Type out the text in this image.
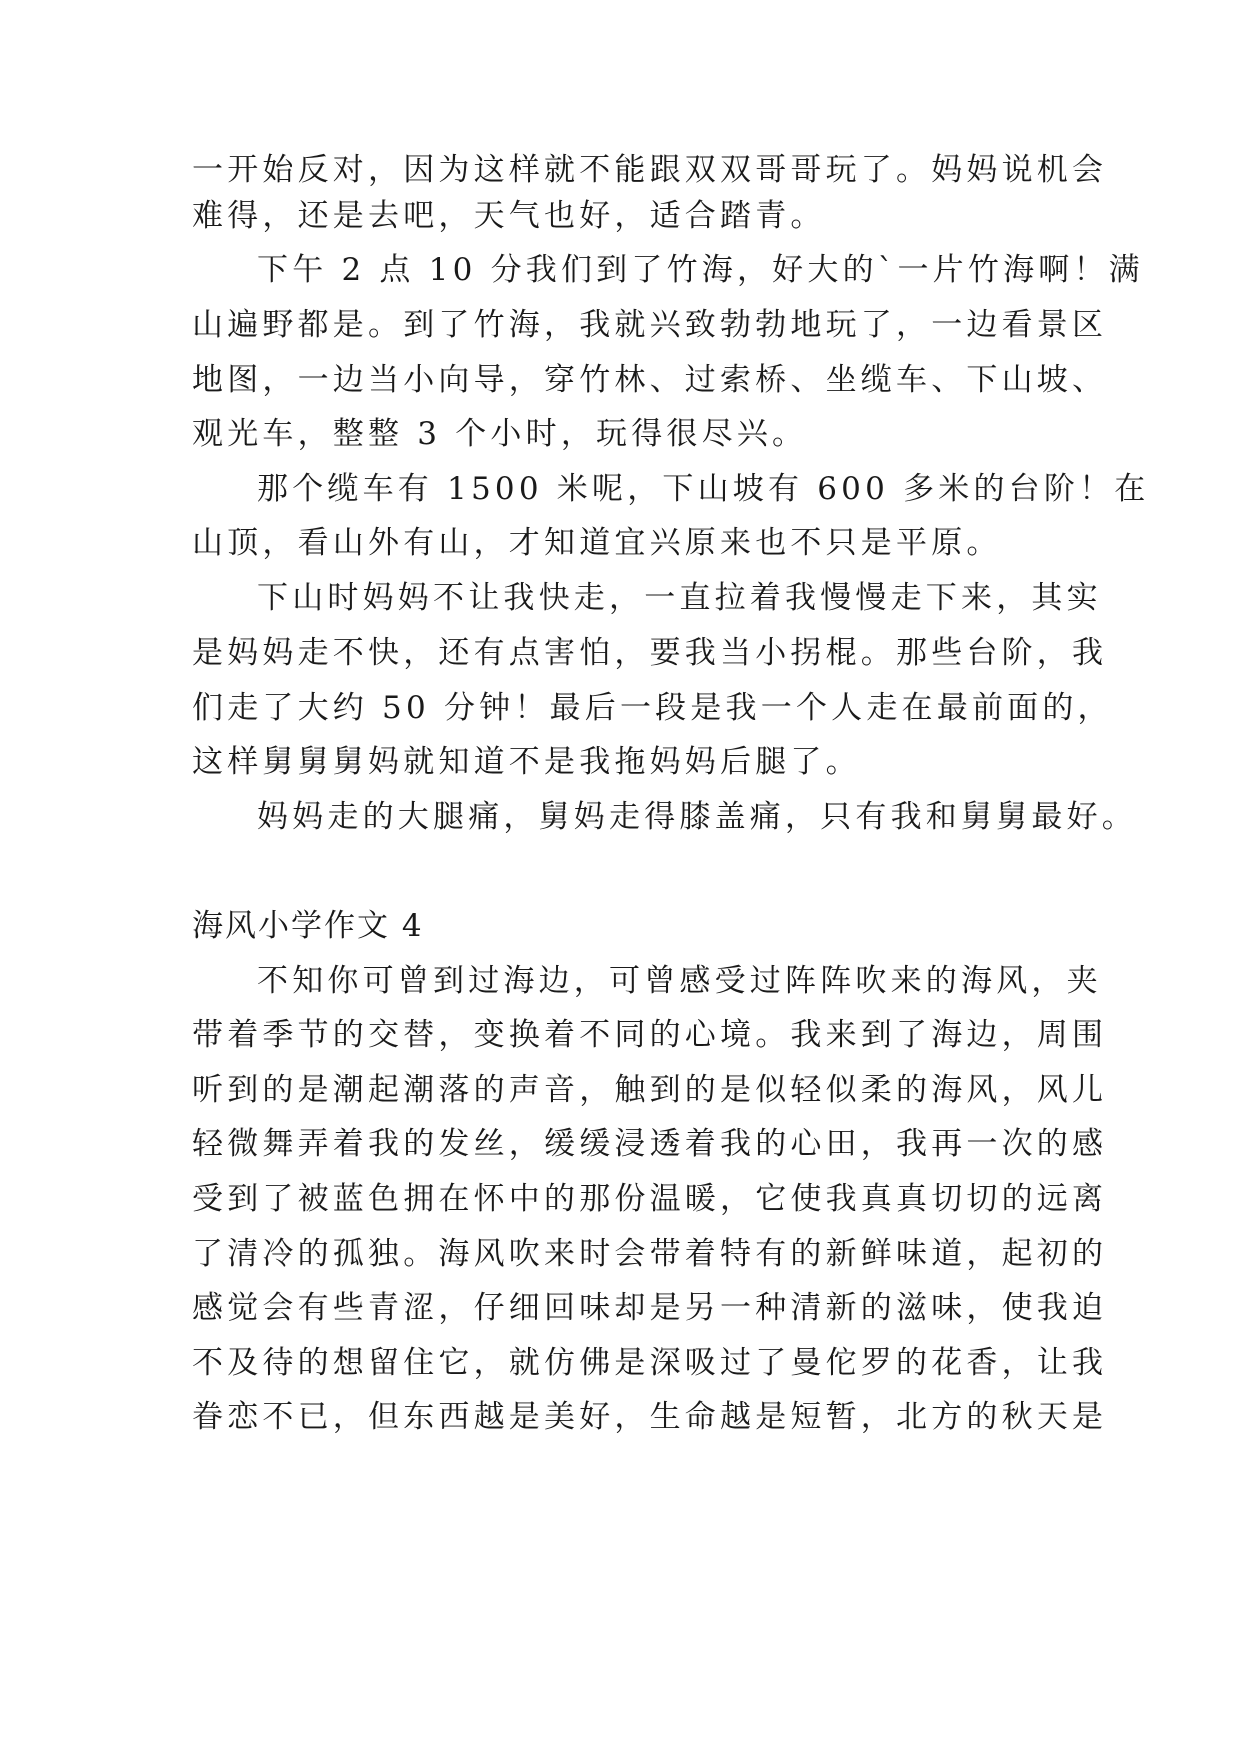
一开始反对，因为这样就不能跟双双哥哥玩了。妈妈说机会
难得，还是去吧，天气也好，适合踏青。
下午 2 点 10 分我们到了竹海，好大的`一片竹海啊！满
山遍野都是。到了竹海，我就兴致勃勃地玩了，一边看景区
地图，一边当小向导，穿竹林、过索桥、坐缆车、下山坡、
观光车，整整 3 个小时，玩得很尽兴。
那个缆车有 1500 米呢，下山坡有 600 多米的台阶！在
山顶，看山外有山，才知道宜兴原来也不只是平原。
下山时妈妈不让我快走，一直拉着我慢慢走下来，其实
是妈妈走不快，还有点害怕，要我当小拐棍。那些台阶，我
们走了大约 50 分钟！最后一段是我一个人走在最前面的，
这样舅舅舅妈就知道不是我拖妈妈后腿了。
妈妈走的大腿痛，舅妈走得膝盖痛，只有我和舅舅最好。
海风小学作文 4
不知你可曾到过海边，可曾感受过阵阵吹来的海风，夹
带着季节的交替，变换着不同的心境。我来到了海边，周围
听到的是潮起潮落的声音，触到的是似轻似柔的海风，风儿
轻微舞弄着我的发丝，缓缓浸透着我的心田，我再一次的感
受到了被蓝色拥在怀中的那份温暖，它使我真真切切的远离
了清冷的孤独。海风吹来时会带着特有的新鲜味道，起初的
感觉会有些青涩，仔细回味却是另一种清新的滋味，使我迫
不及待的想留住它，就仿佛是深吸过了曼佗罗的花香，让我
眷恋不已，但东西越是美好，生命越是短暂，北方的秋天是
